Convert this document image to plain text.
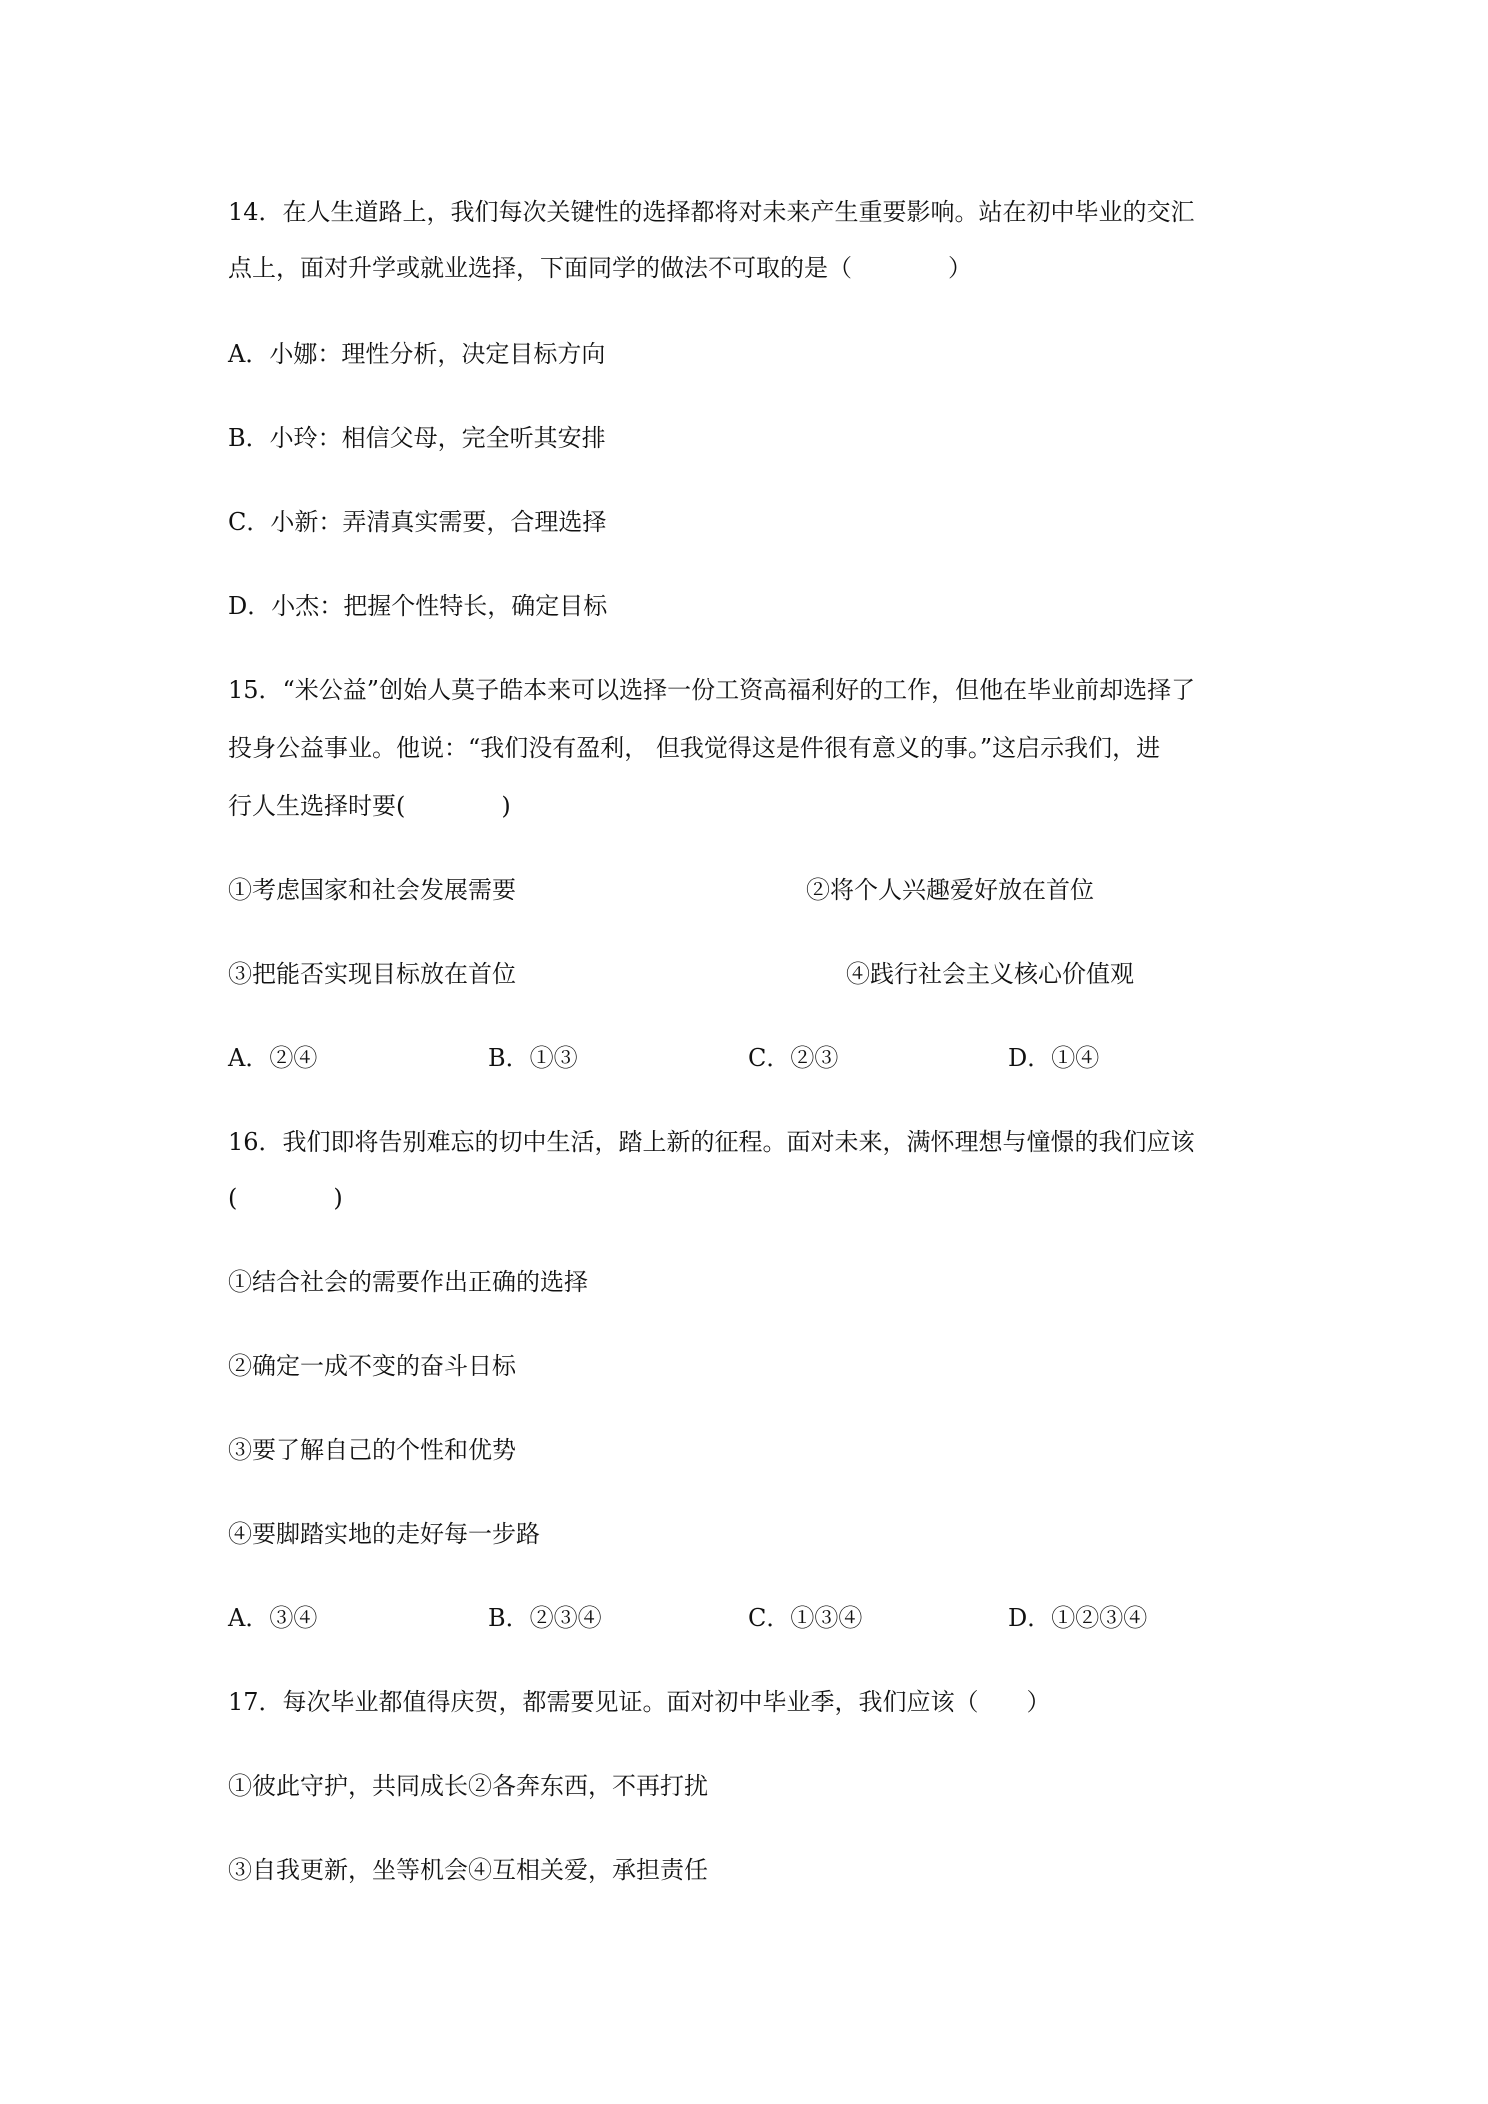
14．在人生道路上，我们每次关键性的选择都将对未来产生重要影响。站在初中毕业的交汇
点上，面对升学或就业选择，下面同学的做法不可取的是（　　　　）
A．小娜：理性分析，决定目标方向
B．小玲：相信父母，完全听其安排
C．小新：弄清真实需要，合理选择
D．小杰：把握个性特长，确定目标
15．“米公益”创始人莫子皓本来可以选择一份工资高福利好的工作，但他在毕业前却选择了
投身公益事业。他说：“我们没有盈利， 但我觉得这是件很有意义的事。”这启示我们，进
行人生选择时要(　　　　)
①考虑国家和社会发展需要	②将个人兴趣爱好放在首位
③把能否实现目标放在首位	④践行社会主义核心价值观
A．②④	B．①③	C．②③	D．①④
16．我们即将告别难忘的切中生活，踏上新的征程。面对未来，满怀理想与憧憬的我们应该
(　　　　)
①结合社会的需要作出正确的选择
②确定一成不变的奋斗日标
③要了解自己的个性和优势
④要脚踏实地的走好每一步路
A．③④	B．②③④	C．①③④	D．①②③④
17．每次毕业都值得庆贺，都需要见证。面对初中毕业季，我们应该（　　）
①彼此守护，共同成长②各奔东西，不再打扰
③自我更新，坐等机会④互相关爱，承担责任
